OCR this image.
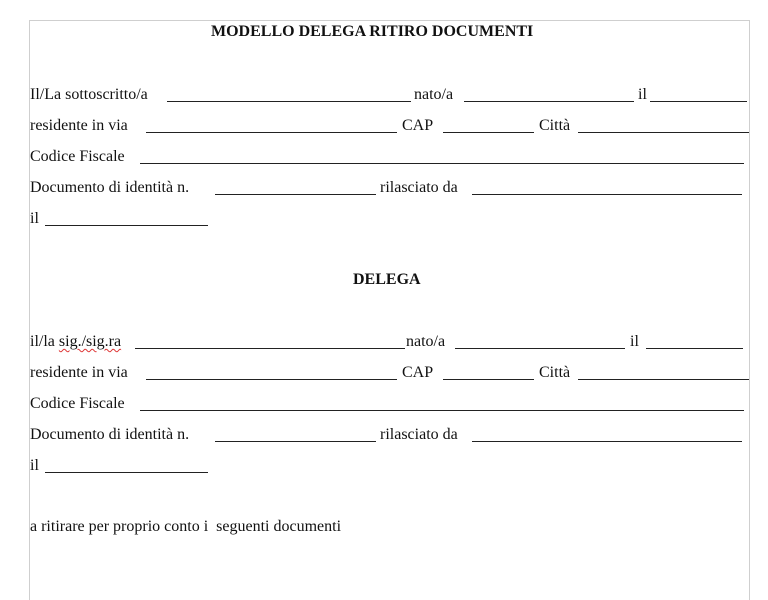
MODELLO DELEGA RITIRO DOCUMENTI
Il/La sottoscritto/a	nato/a	il
residente in via	CAP	Città
Codice Fiscale
Documento di identità n.	rilasciato da
il
DELEGA
il/la sig./sig.ra	nato/a	il
residente in via	CAP	Città
Codice Fiscale
Documento di identità n.	rilasciato da
il
a ritirare per proprio conto i  seguenti documenti
